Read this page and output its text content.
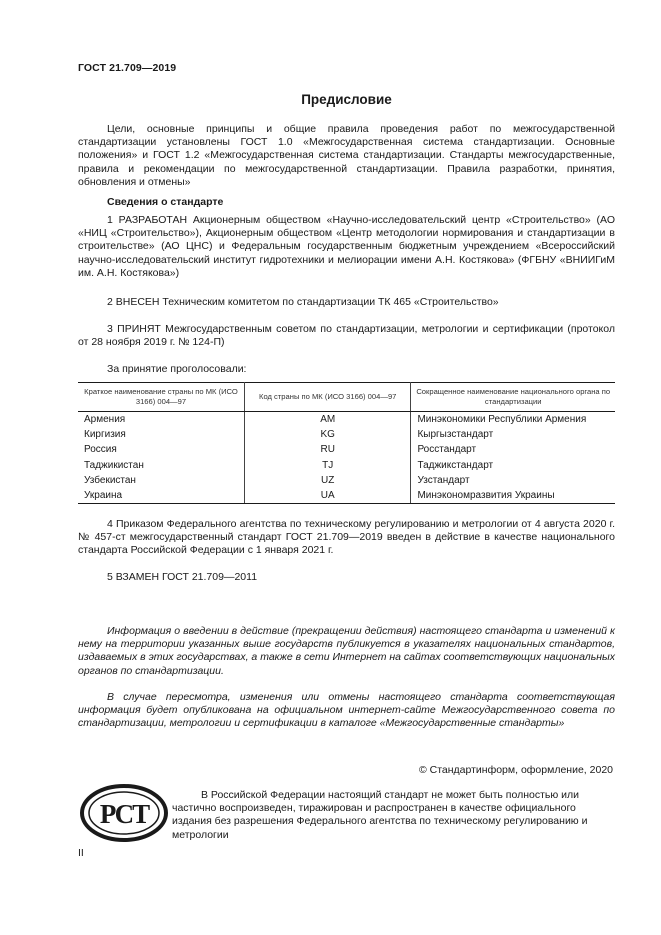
ГОСТ 21.709—2019
Предисловие
Цели, основные принципы и общие правила проведения работ по межгосударственной стандартизации установлены ГОСТ 1.0 «Межгосударственная система стандартизации. Основные положения» и ГОСТ 1.2 «Межгосударственная система стандартизации. Стандарты межгосударственные, правила и рекомендации по межгосударственной стандартизации. Правила разработки, принятия, обновления и отмены»
Сведения о стандарте
1 РАЗРАБОТАН Акционерным обществом «Научно-исследовательский центр «Строительство» (АО «НИЦ «Строительство»), Акционерным обществом «Центр методологии нормирования и стандартизации в строительстве» (АО ЦНС) и Федеральным государственным бюджетным учреждением «Всероссийский научно-исследовательский институт гидротехники и мелиорации имени А.Н. Костякова» (ФГБНУ «ВНИИГиМ им. А.Н. Костякова»)
2 ВНЕСЕН Техническим комитетом по стандартизации ТК 465 «Строительство»
3 ПРИНЯТ Межгосударственным советом по стандартизации, метрологии и сертификации (протокол от 28 ноября 2019 г. № 124-П)
За принятие проголосовали:
Краткое наименование страны по МК (ИСО 3166) 004—97	Код страны по МК (ИСО 3166) 004—97	Сокращенное наименование национального органа по стандартизации
Армения	AM	Минэкономики Республики Армения
Киргизия	KG	Кыргызстандарт
Россия	RU	Росстандарт
Таджикистан	TJ	Таджикстандарт
Узбекистан	UZ	Узстандарт
Украина	UA	Минэкономразвития Украины
4 Приказом Федерального агентства по техническому регулированию и метрологии от 4 августа 2020 г. № 457-ст межгосударственный стандарт ГОСТ 21.709—2019 введен в действие в качестве национального стандарта Российской Федерации с 1 января 2021 г.
5 ВЗАМЕН ГОСТ 21.709—2011
Информация о введении в действие (прекращении действия) настоящего стандарта и изменений к нему на территории указанных выше государств публикуется в указателях национальных стандартов, издаваемых в этих государствах, а также в сети Интернет на сайтах соответствующих национальных органов по стандартизации.
В случае пересмотра, изменения или отмены настоящего стандарта соответствующая информация будет опубликована на официальном интернет-сайте Межгосударственного совета по стандартизации, метрологии и сертификации в каталоге «Межгосударственные стандарты»
© Стандартинформ, оформление, 2020
РСТ
В Российской Федерации настоящий стандарт не может быть полностью или частично воспроизведен, тиражирован и распространен в качестве официального издания без разрешения Федерального агентства по техническому регулированию и метрологии
II
